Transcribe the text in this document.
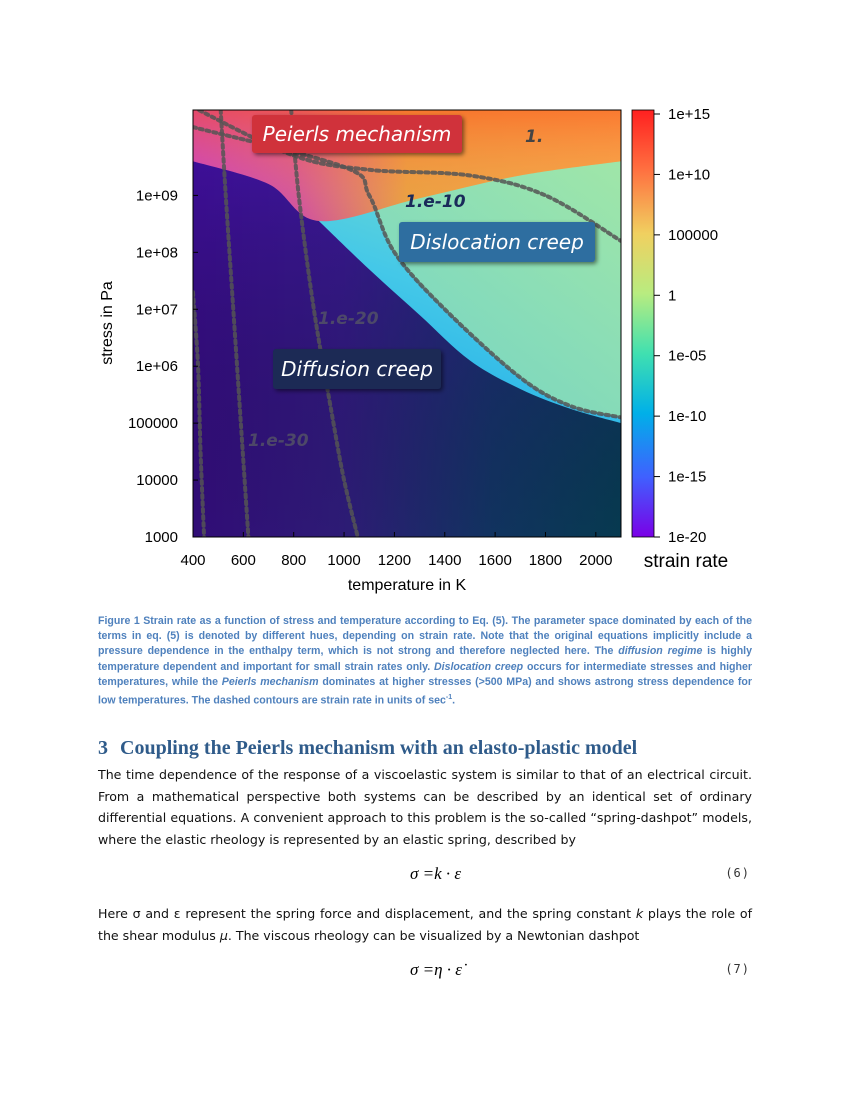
400 600 800 1000 1200 1400 1600 1800 2000
1000
10000
100000
1e+06
1e+07
1e+08
1e+09
temperature in K
stress in Pa
Peierls mechanism
Dislocation creep
Diffusion creep
1.
1.e-10
1.e-20
1.e-30
1e-20
1e-15
1e-10
1e-05
1
100000
1e+10
1e+15
strain rate
Figure 1 Strain rate as a function of stress and temperature according to Eq. (5). The parameter space dominated by each of the terms in eq. (5) is denoted by different hues, depending on strain rate. Note that the original equations implicitly include a pressure dependence in the enthalpy term, which is not strong and therefore neglected here. The diffusion regime is highly temperature dependent and important for small strain rates only. Dislocation creep occurs for intermediate stresses and higher temperatures, while the Peierls mechanism dominates at higher stresses (>500 MPa) and shows astrong stress dependence for low temperatures. The dashed contours are strain rate in units of $\sec^{-1}$.
3 Coupling the Peierls mechanism with an elasto-plastic model
The time dependence of the response of a viscoelastic system is similar to that of an electrical circuit. From a mathematical perspective both systems can be described by an identical set of ordinary differential equations. A convenient approach to this problem is the so-called “spring-dashpot” models, where the elastic rheology is represented by an elastic spring, described by
σ =k · ε	(6)
Here σ and ε represent the spring force and displacement, and the spring constant k plays the role of the shear modulus μ. The viscous rheology can be visualized by a Newtonian dashpot
σ =η · ε̇	(7)
